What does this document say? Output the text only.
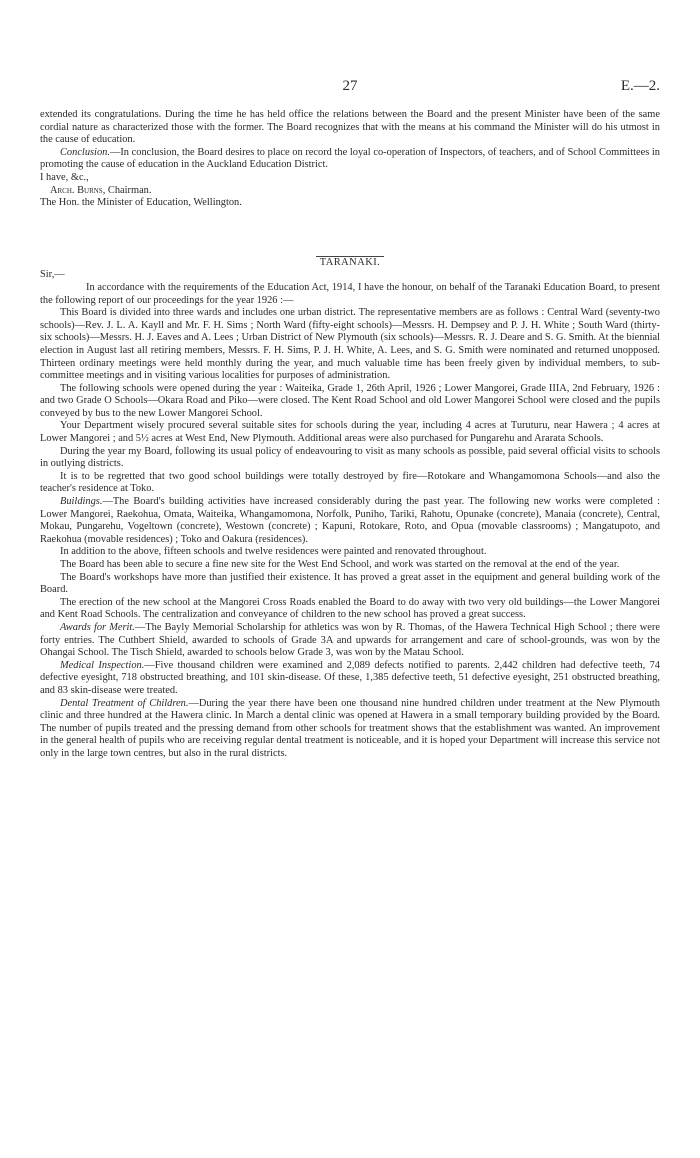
27	E.—2.

extended its congratulations. During the time he has held office the relations between the Board and the present Minister have been of the same cordial nature as characterized those with the former. The Board recognizes that with the means at his command the Minister will do his utmost in the cause of education.

Conclusion.—In conclusion, the Board desires to place on record the loyal co-operation of Inspectors, of teachers, and of School Committees in promoting the cause of education in the Auckland Education District.

I have, &c.,

Arch. Burns, Chairman.

The Hon. the Minister of Education, Wellington.

TARANAKI.

Sir,—

In accordance with the requirements of the Education Act, 1914, I have the honour, on behalf of the Taranaki Education Board, to present the following report of our proceedings for the year 1926 :—

This Board is divided into three wards and includes one urban district. The representative members are as follows : Central Ward (seventy-two schools)—Rev. J. L. A. Kayll and Mr. F. H. Sims ; North Ward (fifty-eight schools)—Messrs. H. Dempsey and P. J. H. White ; South Ward (thirty-six schools)—Messrs. H. J. Eaves and A. Lees ; Urban District of New Plymouth (six schools)—Messrs. R. J. Deare and S. G. Smith. At the biennial election in August last all retiring members, Messrs. F. H. Sims, P. J. H. White, A. Lees, and S. G. Smith were nominated and returned unopposed. Thirteen ordinary meetings were held monthly during the year, and much valuable time has been freely given by individual members, to sub-committee meetings and in visiting various localities for purposes of administration.

The following schools were opened during the year : Waiteika, Grade 1, 26th April, 1926 ; Lower Mangorei, Grade IIIA, 2nd February, 1926 : and two Grade O Schools—Okara Road and Piko—were closed. The Kent Road School and old Lower Mangorei School were closed and the pupils conveyed by bus to the new Lower Mangorei School.

Your Department wisely procured several suitable sites for schools during the year, including 4 acres at Turuturu, near Hawera ; 4 acres at Lower Mangorei ; and 5½ acres at West End, New Plymouth. Additional areas were also purchased for Pungarehu and Ararata Schools.

During the year my Board, following its usual policy of endeavouring to visit as many schools as possible, paid several official visits to schools in outlying districts.

It is to be regretted that two good school buildings were totally destroyed by fire—Rotokare and Whangamomona Schools—and also the teacher's residence at Toko.

Buildings.—The Board's building activities have increased considerably during the past year. The following new works were completed : Lower Mangorei, Raekohua, Omata, Waiteika, Whangamomona, Norfolk, Puniho, Tariki, Rahotu, Opunake (concrete), Manaia (concrete), Central, Mokau, Pungarehu, Vogeltown (concrete), Westown (concrete) ; Kapuni, Rotokare, Roto, and Opua (movable classrooms) ; Mangatupoto, and Raekohua (movable residences) ; Toko and Oakura (residences).

In addition to the above, fifteen schools and twelve residences were painted and renovated throughout.

The Board has been able to secure a fine new site for the West End School, and work was started on the removal at the end of the year.

The Board's workshops have more than justified their existence. It has proved a great asset in the equipment and general building work of the Board.

The erection of the new school at the Mangorei Cross Roads enabled the Board to do away with two very old buildings—the Lower Mangorei and Kent Road Schools. The centralization and conveyance of children to the new school has proved a great success.

Awards for Merit.—The Bayly Memorial Scholarship for athletics was won by R. Thomas, of the Hawera Technical High School ; there were forty entries. The Cuthbert Shield, awarded to schools of Grade 3A and upwards for arrangement and care of school-grounds, was won by the Ohangai School. The Tisch Shield, awarded to schools below Grade 3, was won by the Matau School.

Medical Inspection.—Five thousand children were examined and 2,089 defects notified to parents. 2,442 children had defective teeth, 74 defective eyesight, 718 obstructed breathing, and 101 skin-disease. Of these, 1,385 defective teeth, 51 defective eyesight, 251 obstructed breathing, and 83 skin-disease were treated.

Dental Treatment of Children.—During the year there have been one thousand nine hundred children under treatment at the New Plymouth clinic and three hundred at the Hawera clinic. In March a dental clinic was opened at Hawera in a small temporary building provided by the Board. The number of pupils treated and the pressing demand from other schools for treatment shows that the establishment was wanted. An improvement in the general health of pupils who are receiving regular dental treatment is noticeable, and it is hoped your Department will increase this service not only in the large town centres, but also in the rural districts.
